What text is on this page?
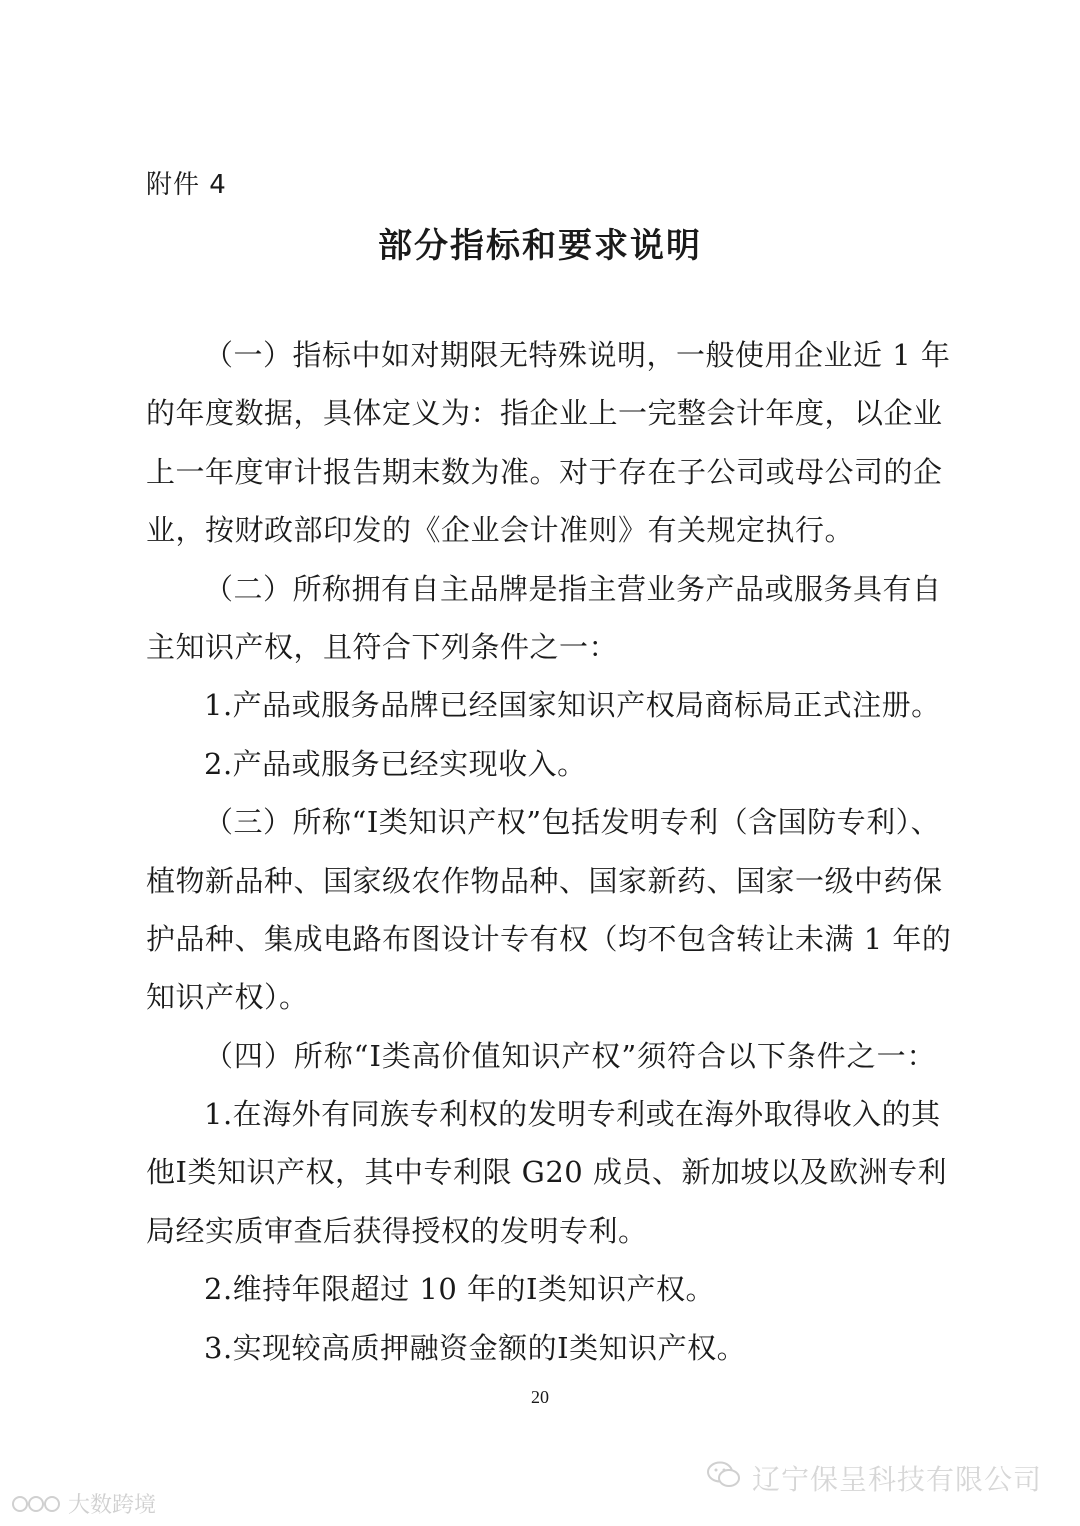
附件 4
部分指标和要求说明
（一）指标中如对期限无特殊说明，一般使用企业近 1 年
的年度数据，具体定义为：指企业上一完整会计年度，以企业
上一年度审计报告期末数为准。对于存在子公司或母公司的企
业，按财政部印发的《企业会计准则》有关规定执行。
（二）所称拥有自主品牌是指主营业务产品或服务具有自
主知识产权，且符合下列条件之一：
1.产品或服务品牌已经国家知识产权局商标局正式注册。
2.产品或服务已经实现收入。
（三）所称“Ⅰ类知识产权”包括发明专利（含国防专利）、
植物新品种、国家级农作物品种、国家新药、国家一级中药保
护品种、集成电路布图设计专有权（均不包含转让未满 1 年的
知识产权）。
（四）所称“Ⅰ类高价值知识产权”须符合以下条件之一：
1.在海外有同族专利权的发明专利或在海外取得收入的其
他Ⅰ类知识产权，其中专利限 G20 成员、新加坡以及欧洲专利
局经实质审查后获得授权的发明专利。
2.维持年限超过 10 年的Ⅰ类知识产权。
3.实现较高质押融资金额的Ⅰ类知识产权。
20
大数跨境
辽宁保呈科技有限公司
